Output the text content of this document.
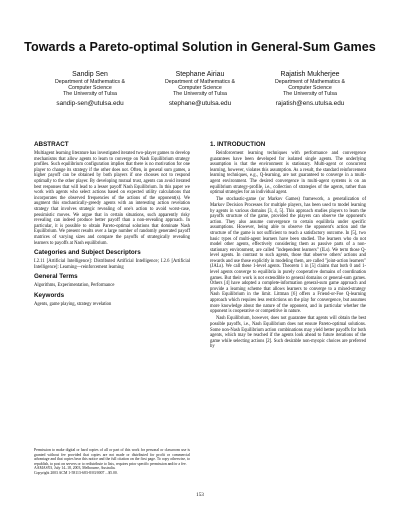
Towards a Pareto-optimal Solution in General-Sum Games
Sandip Sen
Department of Mathematics &
Computer Science
The University of Tulsa
sandip-sen@utulsa.edu
Stephane Airiau
Department of Mathematics &
Computer Science
The University of Tulsa
stephane@utulsa.edu
Rajatish Mukherjee
Department of Mathematics &
Computer Science
The University of Tulsa
rajatish@ens.utulsa.edu
ABSTRACT

Multiagent learning literature has investigated iterated two-player games to develop mechanisms that allow agents to learn to converge on Nash Equilibrium strategy profiles. Such equilibrium configuration implies that there is no motivation for one player to change its strategy if the other does not. Often, in general sum games, a higher payoff can be obtained by both players if one chooses not to respond optimally to the other player. By developing mutual trust, agents can avoid iterated best responses that will lead to a lesser payoff Nash Equilibrium. In this paper we work with agents who select actions based on expected utility calculations that incorporates the observed frequencies of the actions of the opponent(s). We augment this stochastically-greedy agents with an interesting action revelation strategy that involves strategic revealing of one's action to avoid worst-case, pessimistic moves. We argue that in certain situations, such apparently risky revealing can indeed produce better payoff than a non-revealing approach. In particular, it is possible to obtain Pareto-optimal solutions that dominate Nash Equilibrium. We present results over a large number of randomly generated payoff matrices of varying sizes and compare the payoffs of strategically revealing learners to payoffs at Nash equilibrium.

Categories and Subject Descriptors

I.2.11 [Artificial Intelligence]: Distributed Artificial Intelligence; I.2.6 [Artificial Intelligence]: Learning—reinforcement learning

General Terms

Algorithms, Experimentation, Performance

Keywords

Agents, game playing, strategy revelation

Permission to make digital or hard copies of all or part of this work for personal or classroom use is granted without fee provided that copies are not made or distributed for profit or commercial advantage and that copies bear this notice and the full citation on the first page. To copy otherwise, to republish, to post on servers or to redistribute to lists, requires prior specific permission and/or a fee.
AAMAS'03, July 14–18, 2003, Melbourne, Australia.
Copyright 2003 ACM 1-58113-683-8/03/0007 ...$5.00.
1. INTRODUCTION

Reinforcement learning techniques with performance and convergence guarantees have been developed for isolated single agents. The underlying assumption is that the environment is stationary. Multi-agent or concurrent learning, however, violates this assumption. As a result, the standard reinforcement learning techniques, e.g., Q-learning, are not guaranteed to converge in a multi-agent environment. The desired convergence in multi-agent systems is on an equilibrium strategy-profile, i.e., collection of strategies of the agents, rather than optimal strategies for an individual agent.

The stochastic-game (or Markov Games) framework, a generalization of Markov Decision Processes for multiple players, has been used to model learning by agents in various domains [3, 4, 5]. This approach studies players to learn the payoffs structure of the game, provided the players can observe the opponent's action. They also assume convergence to certain equilibria under specific assumptions. However, being able to observe the opponent's action and the structure of the game is not sufficient to reach a satisfactory outcome. In [5], two basic types of multi-agent learners have been studied. The learners who do not model other agents, effectively considering them as passive parts of a non-stationary environment, are called "independent learners" (ILs). We term those Q-level agents. In contrast to such agents, those that observe others' actions and rewards and use those explicitly in modeling them, are called "joint-action learners" (JALs). We call these 1-level agents. Theorem 1 in [5] claims that both 0 and 1-level agents converge to equilibria in purely cooperative domains of coordination games. But their work is not extendible to general domains or general-sum games. Others [4] have adopted a complete-information general-sum game approach and provide a learning scheme that allows learners to converge to a mixed-strategy Nash Equilibrium in the limit. Littman [6] offers a Friend-or-Foe Q-learning approach which requires less restrictions on the play for convergence, but assumes more knowledge about the nature of the opponent, and in particular whether the opponent is cooperative or competitive in nature.

Nash Equilibrium, however, does not guarantee that agents will obtain the best possible payoffs, i.e., Nash Equilibrium does not ensure Pareto-optimal solutions. Some non-Nash Equilibrium action combinations may yield better payoffs for both agents, which may be reached if the agents look ahead to future iterations of the game while selecting actions [2]. Such desirable non-myopic choices are preferred by

153
